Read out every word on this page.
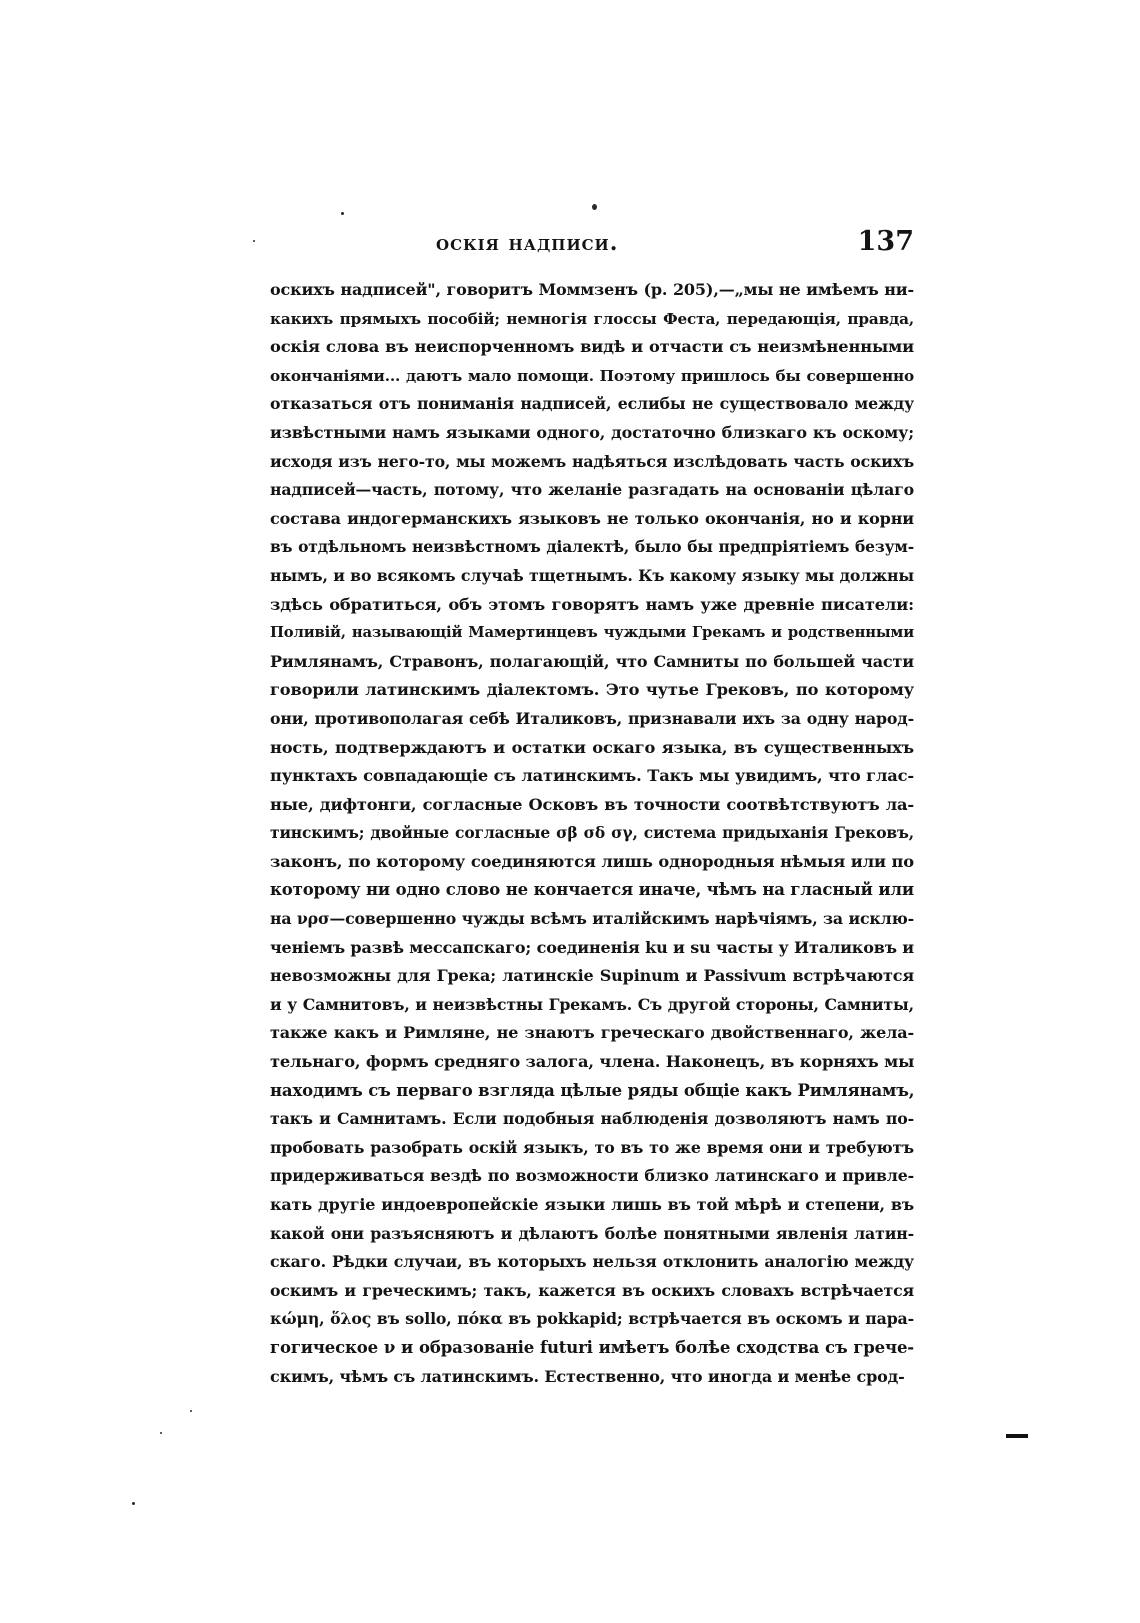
оскія надписи.	137
оскихъ надписей", говоритъ Моммзенъ (р. 205),—„мы не имѣемъ ни-
какихъ прямыхъ пособій; немногія глоссы Феста, передающія, правда,
оскія слова въ неиспорченномъ видѣ и отчасти съ неизмѣненными
окончаніями... даютъ мало помощи. Поэтому пришлось бы совершенно
отказаться отъ пониманія надписей, еслибы не существовало между
извѣстными намъ языками одного, достаточно близкаго къ оскому;
исходя изъ него-то, мы можемъ надѣяться изслѣдовать часть оскихъ
надписей—часть, потому, что желаніе разгадать на основаніи цѣлаго
состава индогерманскихъ языковъ не только окончанія, но и корни
въ отдѣльномъ неизвѣстномъ діалектѣ, было бы предпріятіемъ безум-
нымъ, и во всякомъ случаѣ тщетнымъ. Къ какому языку мы должны
здѣсь обратиться, объ этомъ говорятъ намъ уже древніе писатели:
Поливій, называющій Мамертинцевъ чуждыми Грекамъ и родственными
Римлянамъ, Стравонъ, полагающій, что Самниты по большей части
говорили латинскимъ діалектомъ. Это чутье Грековъ, по которому
они, противополагая себѣ Италиковъ, признавали ихъ за одну народ-
ность, подтверждаютъ и остатки оскаго языка, въ существенныхъ
пунктахъ совпадающіе съ латинскимъ. Такъ мы увидимъ, что глас-
ные, дифтонги, согласные Осковъ въ точности соотвѣтствуютъ ла-
тинскимъ; двойные согласные σβ σδ σγ, система придыханія Грековъ,
законъ, по которому соединяются лишь однородныя нѣмыя или по
которому ни одно слово не кончается иначе, чѣмъ на гласный или
на νρσ—совершенно чужды всѣмъ италійскимъ нарѣчіямъ, за исклю-
ченіемъ развѣ мессапскаго; соединенія ku и su часты у Италиковъ и
невозможны для Грека; латинскіе Supinum и Passivum встрѣчаются
и у Самнитовъ, и неизвѣстны Грекамъ. Съ другой стороны, Самниты,
также какъ и Римляне, не знаютъ греческаго двойственнаго, жела-
тельнаго, формъ средняго залога, члена. Наконецъ, въ корняхъ мы
находимъ съ перваго взгляда цѣлые ряды общіе какъ Римлянамъ,
такъ и Самнитамъ. Если подобныя наблюденія дозволяютъ намъ по-
пробовать разобрать оскій языкъ, то въ то же время они и требуютъ
придерживаться вездѣ по возможности близко латинскаго и привле-
кать другіе индоевропейскіе языки лишь въ той мѣрѣ и степени, въ
какой они разъясняютъ и дѣлаютъ болѣе понятными явленія латин-
скаго. Рѣдки случаи, въ которыхъ нельзя отклонить аналогію между
оскимъ и греческимъ; такъ, кажется въ оскихъ словахъ встрѣчается
κώμη, ὅλος въ sollo, πόκα въ pokkapid; встрѣчается въ оскомъ и пара-
гогическое ν и образованіе futuri имѣетъ болѣе сходства съ грече-
скимъ, чѣмъ съ латинскимъ. Естественно, что иногда и менѣе срод-
